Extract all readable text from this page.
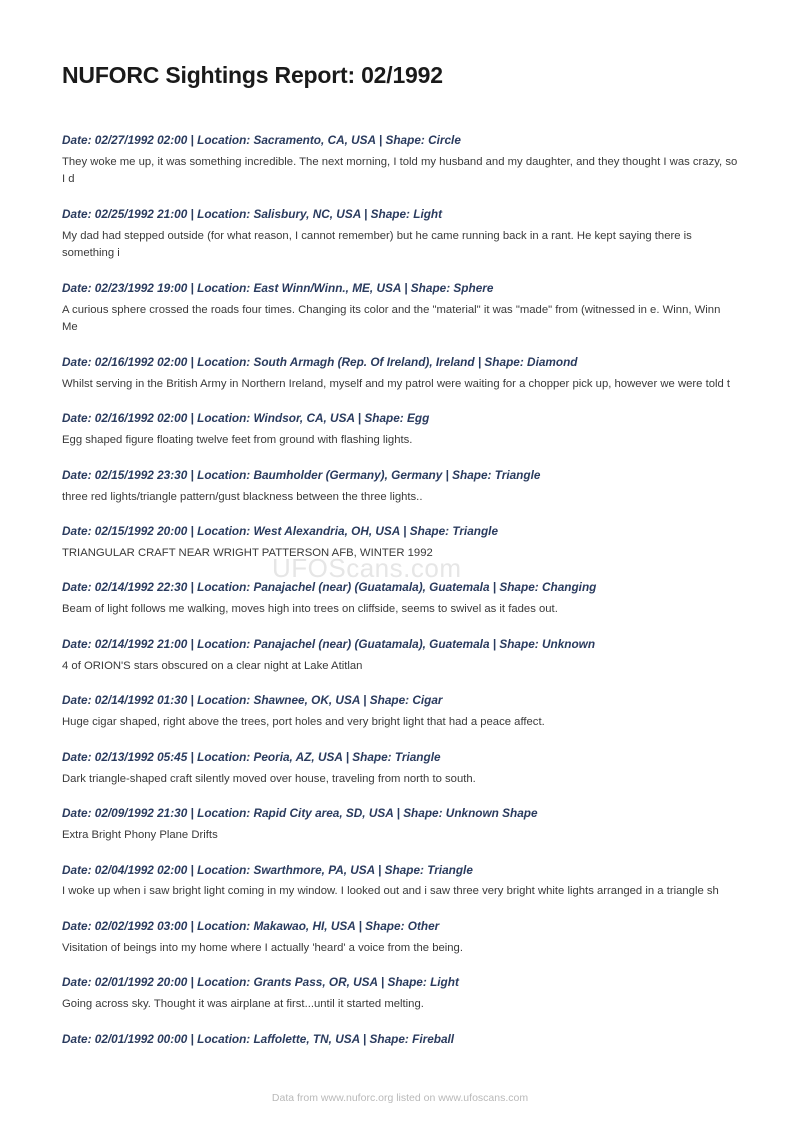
NUFORC Sightings Report: 02/1992
Date: 02/27/1992 02:00 | Location: Sacramento, CA, USA | Shape: Circle
They woke me up, it was something incredible. The next morning, I told my husband and my daughter, and they thought I was crazy, so I d
Date: 02/25/1992 21:00 | Location: Salisbury, NC, USA | Shape: Light
My dad had stepped outside (for what reason, I cannot remember) but he came running back in a rant. He kept saying there is something i
Date: 02/23/1992 19:00 | Location: East Winn/Winn., ME, USA | Shape: Sphere
A curious sphere crossed the roads four times. Changing its color and the "material" it was "made" from (witnessed in e. Winn, Winn Me
Date: 02/16/1992 02:00 | Location: South Armagh (Rep. Of Ireland), Ireland | Shape: Diamond
Whilst serving in the British Army in Northern Ireland, myself and my patrol were waiting for a chopper pick up, however we were told t
Date: 02/16/1992 02:00 | Location: Windsor, CA, USA | Shape: Egg
Egg shaped figure floating twelve feet from ground with flashing lights.
Date: 02/15/1992 23:30 | Location: Baumholder (Germany), Germany | Shape: Triangle
three red lights/triangle pattern/gust blackness between the three lights..
Date: 02/15/1992 20:00 | Location: West Alexandria, OH, USA | Shape: Triangle
TRIANGULAR CRAFT NEAR WRIGHT PATTERSON AFB, WINTER 1992
Date: 02/14/1992 22:30 | Location: Panajachel (near) (Guatamala), Guatemala | Shape: Changing
Beam of light follows me walking, moves high into trees on cliffside, seems to swivel as it fades out.
Date: 02/14/1992 21:00 | Location: Panajachel (near) (Guatamala), Guatemala | Shape: Unknown
4 of ORION'S stars obscured on a clear night at Lake Atitlan
Date: 02/14/1992 01:30 | Location: Shawnee, OK, USA | Shape: Cigar
Huge cigar shaped, right above the trees, port holes and very bright light that had a peace affect.
Date: 02/13/1992 05:45 | Location: Peoria, AZ, USA | Shape: Triangle
Dark triangle-shaped craft silently moved over house, traveling from north to south.
Date: 02/09/1992 21:30 | Location: Rapid City area, SD, USA | Shape: Unknown Shape
Extra Bright Phony Plane Drifts
Date: 02/04/1992 02:00 | Location: Swarthmore, PA, USA | Shape: Triangle
I woke up when i saw bright light coming in my window. I looked out and i saw three very bright white lights arranged in a triangle sh
Date: 02/02/1992 03:00 | Location: Makawao, HI, USA | Shape: Other
Visitation of beings into my home where I actually 'heard' a voice from the being.
Date: 02/01/1992 20:00 | Location: Grants Pass, OR, USA | Shape: Light
Going across sky. Thought it was airplane at first...until it started melting.
Date: 02/01/1992 00:00 | Location: Laffolette, TN, USA | Shape: Fireball
UFOScans.com
Data from www.nuforc.org listed on www.ufoscans.com
